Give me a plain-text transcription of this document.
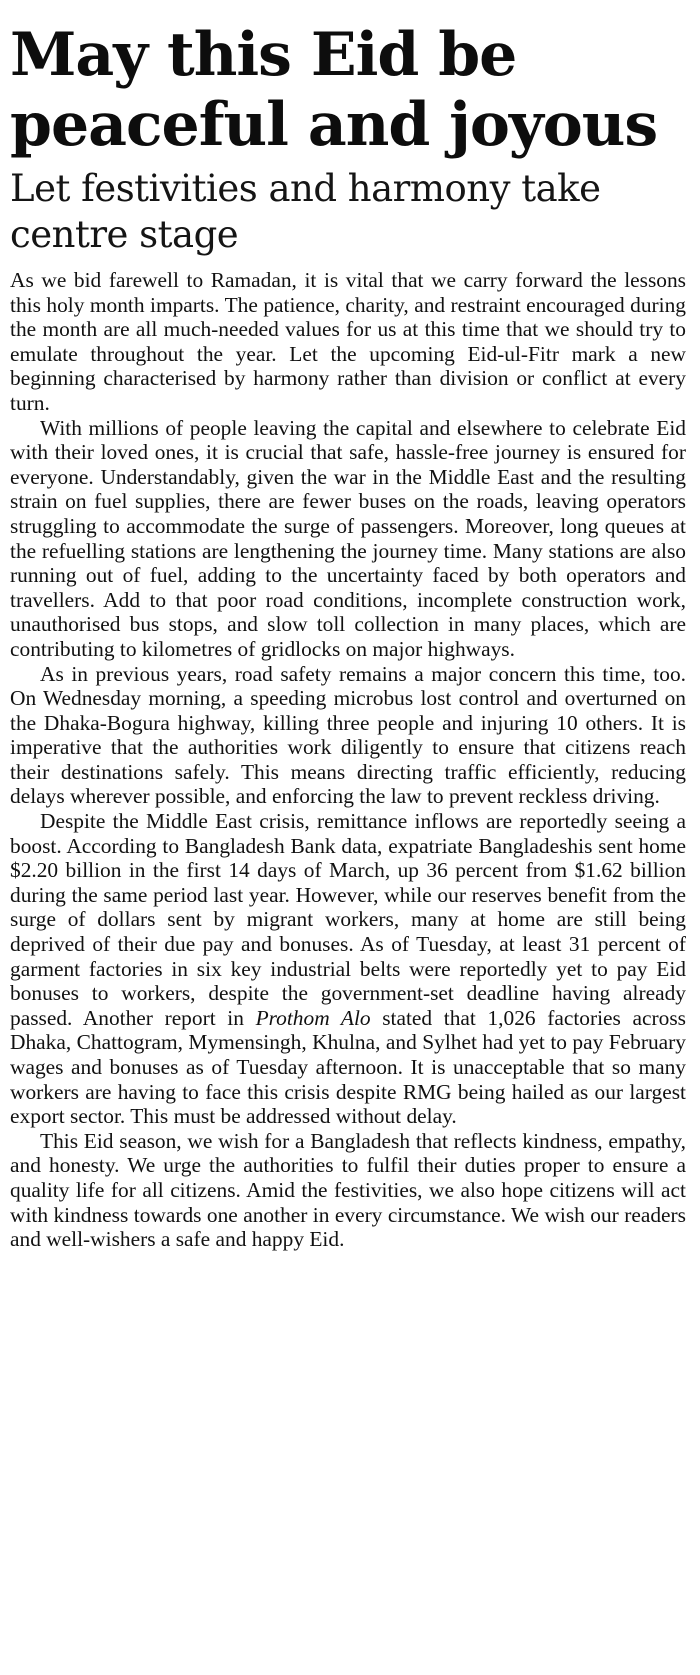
May this Eid be peaceful and joyous
Let festivities and harmony take centre stage

As we bid farewell to Ramadan, it is vital that we carry forward the lessons this holy month imparts. The patience, charity, and restraint encouraged during the month are all much-needed values for us at this time that we should try to emulate throughout the year. Let the upcoming Eid-ul-Fitr mark a new beginning characterised by harmony rather than division or conflict at every turn.

With millions of people leaving the capital and elsewhere to celebrate Eid with their loved ones, it is crucial that safe, hassle-free journey is ensured for everyone. Understandably, given the war in the Middle East and the resulting strain on fuel supplies, there are fewer buses on the roads, leaving operators struggling to accommodate the surge of passengers. Moreover, long queues at the refuelling stations are lengthening the journey time. Many stations are also running out of fuel, adding to the uncertainty faced by both operators and travellers. Add to that poor road conditions, incomplete construction work, unauthorised bus stops, and slow toll collection in many places, which are contributing to kilometres of gridlocks on major highways.

As in previous years, road safety remains a major concern this time, too. On Wednesday morning, a speeding microbus lost control and overturned on the Dhaka-Bogura highway, killing three people and injuring 10 others. It is imperative that the authorities work diligently to ensure that citizens reach their destinations safely. This means directing traffic efficiently, reducing delays wherever possible, and enforcing the law to prevent reckless driving.

Despite the Middle East crisis, remittance inflows are reportedly seeing a boost. According to Bangladesh Bank data, expatriate Bangladeshis sent home $2.20 billion in the first 14 days of March, up 36 percent from $1.62 billion during the same period last year. However, while our reserves benefit from the surge of dollars sent by migrant workers, many at home are still being deprived of their due pay and bonuses. As of Tuesday, at least 31 percent of garment factories in six key industrial belts were reportedly yet to pay Eid bonuses to workers, despite the government-set deadline having already passed. Another report in Prothom Alo stated that 1,026 factories across Dhaka, Chattogram, Mymensingh, Khulna, and Sylhet had yet to pay February wages and bonuses as of Tuesday afternoon. It is unacceptable that so many workers are having to face this crisis despite RMG being hailed as our largest export sector. This must be addressed without delay.

This Eid season, we wish for a Bangladesh that reflects kindness, empathy, and honesty. We urge the authorities to fulfil their duties proper to ensure a quality life for all citizens. Amid the festivities, we also hope citizens will act with kindness towards one another in every circumstance. We wish our readers and well-wishers a safe and happy Eid.
